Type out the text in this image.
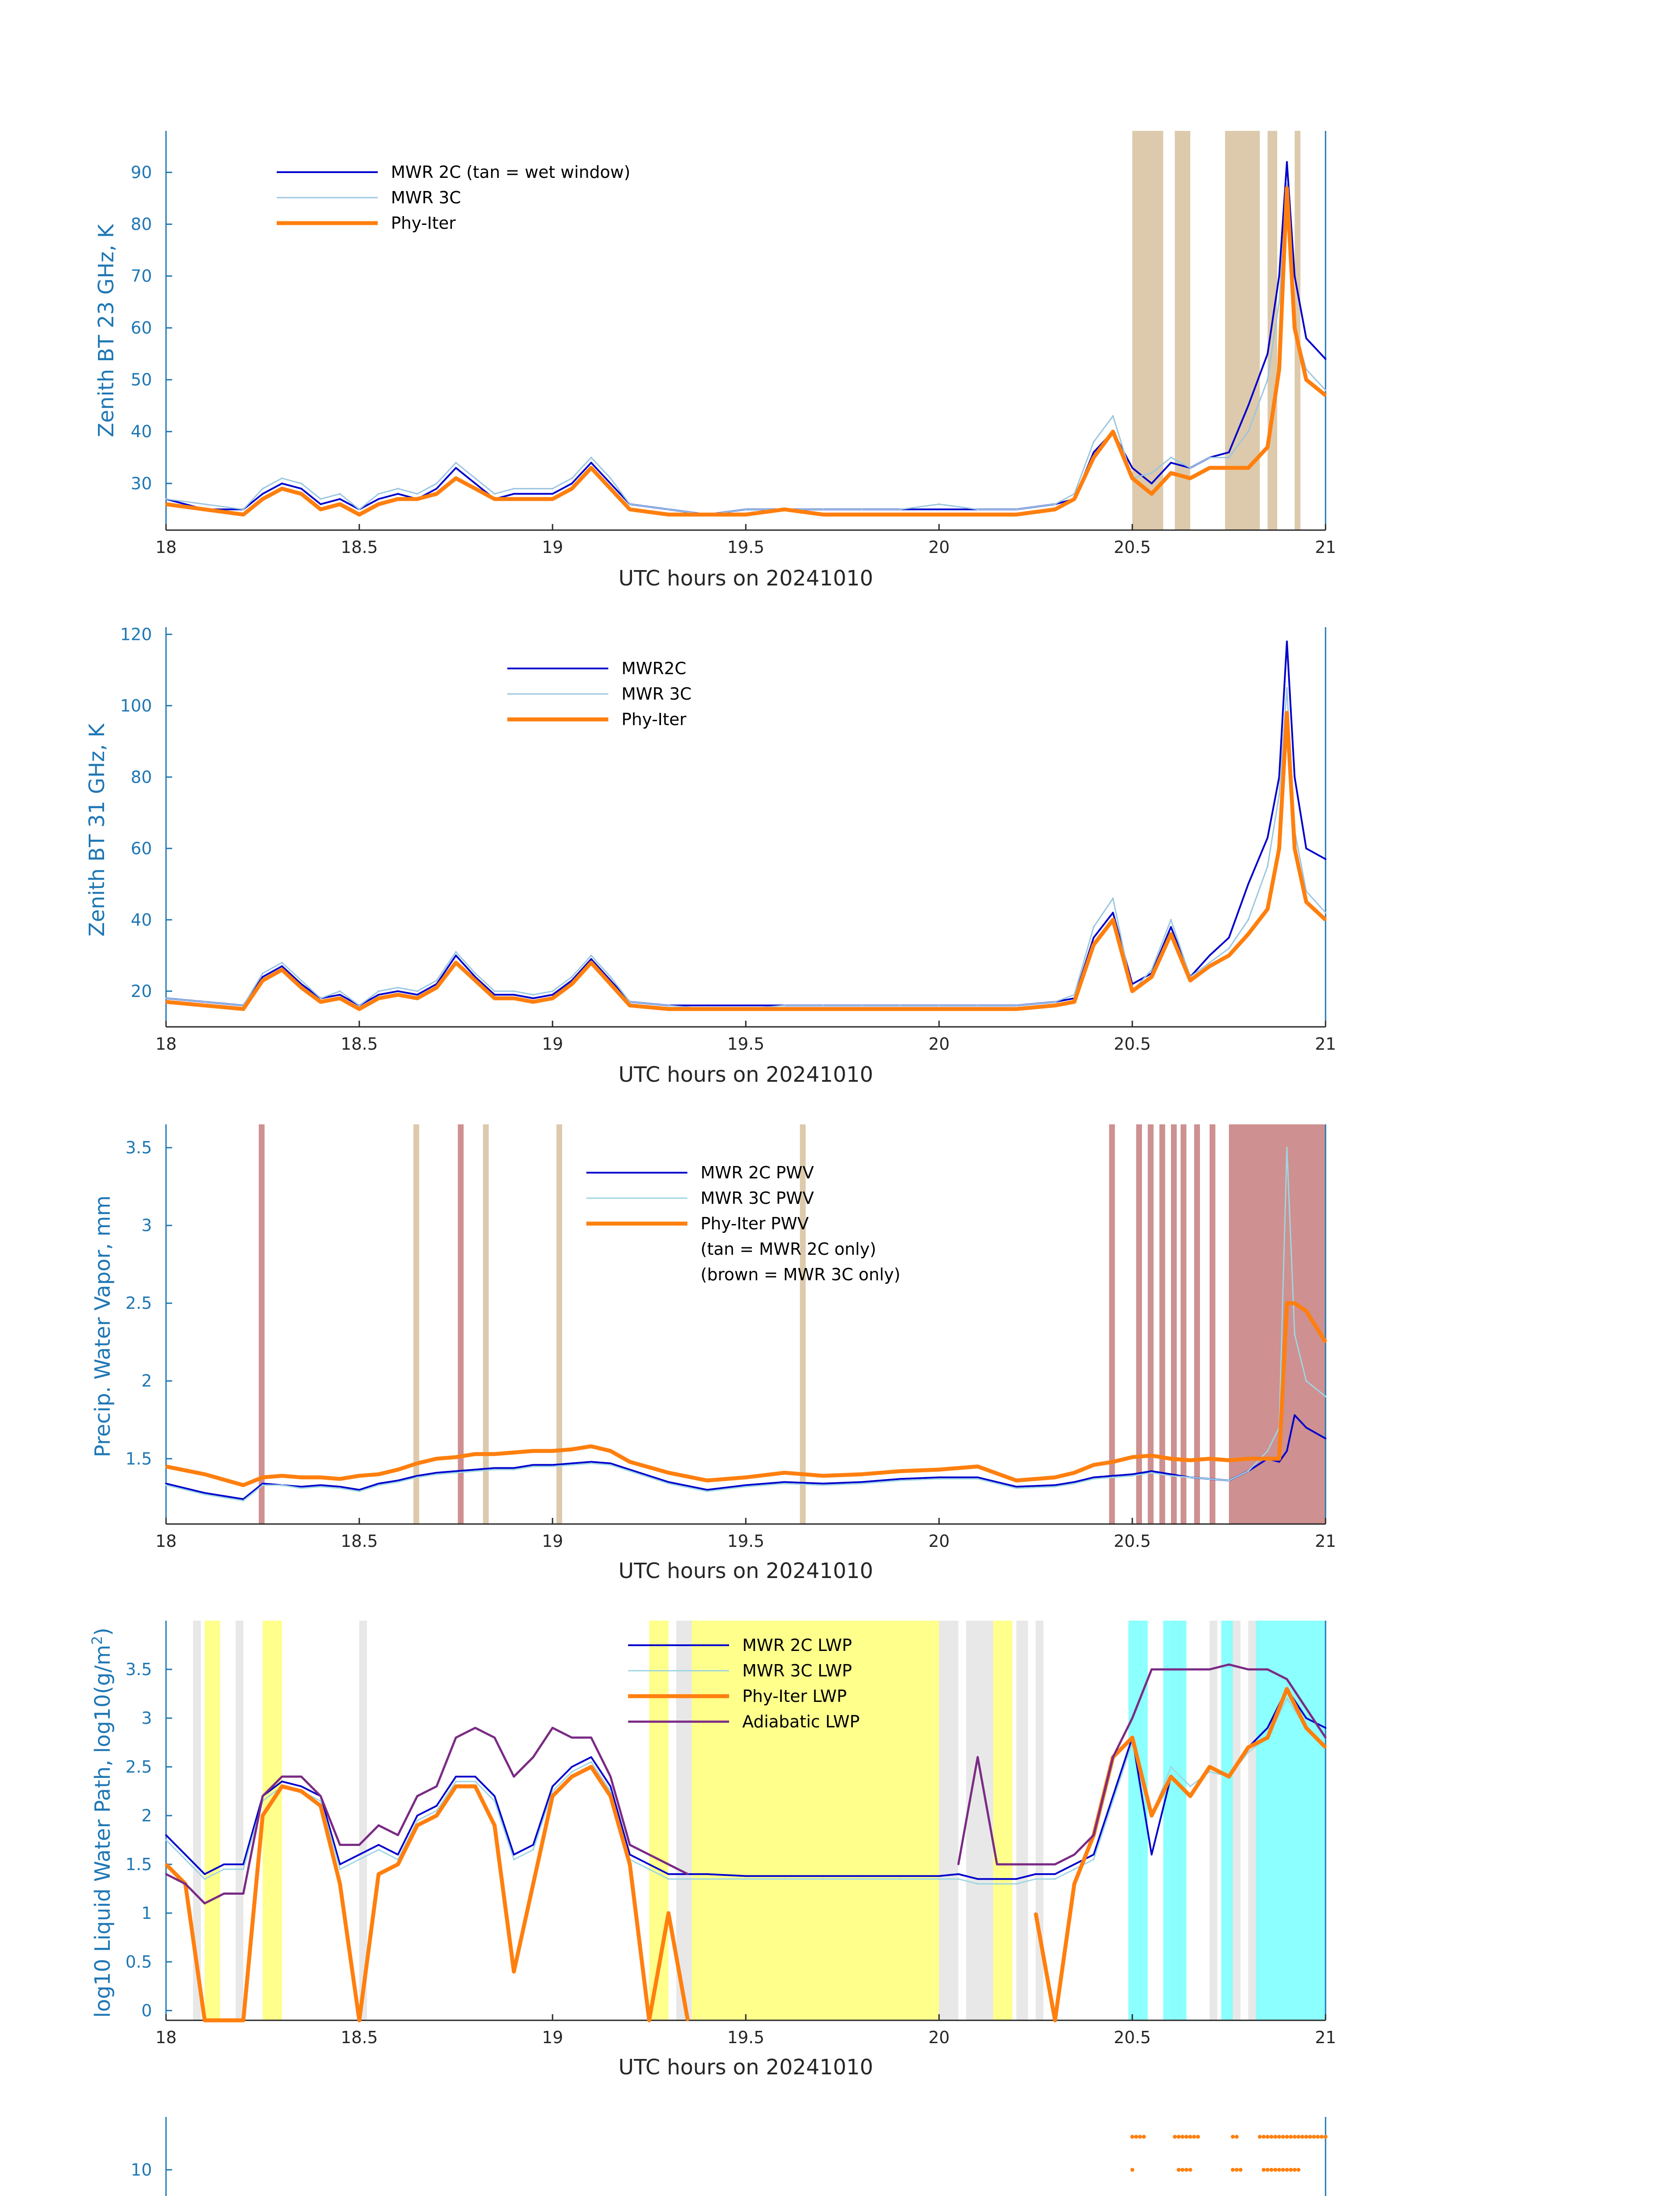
18	18.5	19	19.5	20	20.5	21
30
40
50
60
70
80
90	MWR 2C (tan = wet window)
MWR 3C
Phy-Iter
UTC hours on 20241010
Zenith BT 23 GHz, K
18	18.5	19	19.5	20	20.5	21
20
40
60
80
100
120
MWR2C
MWR 3C
Phy-Iter
UTC hours on 20241010
Zenith BT 31 GHz, K
18	18.5	19	19.5	20	20.5	21
1.5
2
2.5
3
3.5
MWR 2C PWV
MWR 3C PWV
Phy-Iter PWV
(tan = MWR 2C only)
(brown = MWR 3C only)
UTC hours on 20241010
Precip. Water Vapor, mm
18	18.5	19	19.5	20	20.5	21
0
0.5
1
1.5
2
2.5
3
3.5
MWR 2C LWP
MWR 3C LWP
Phy-Iter LWP
Adiabatic LWP
UTC hours on 20241010
log10 Liquid Water Path, $\log 10(g/m^2)$
10
